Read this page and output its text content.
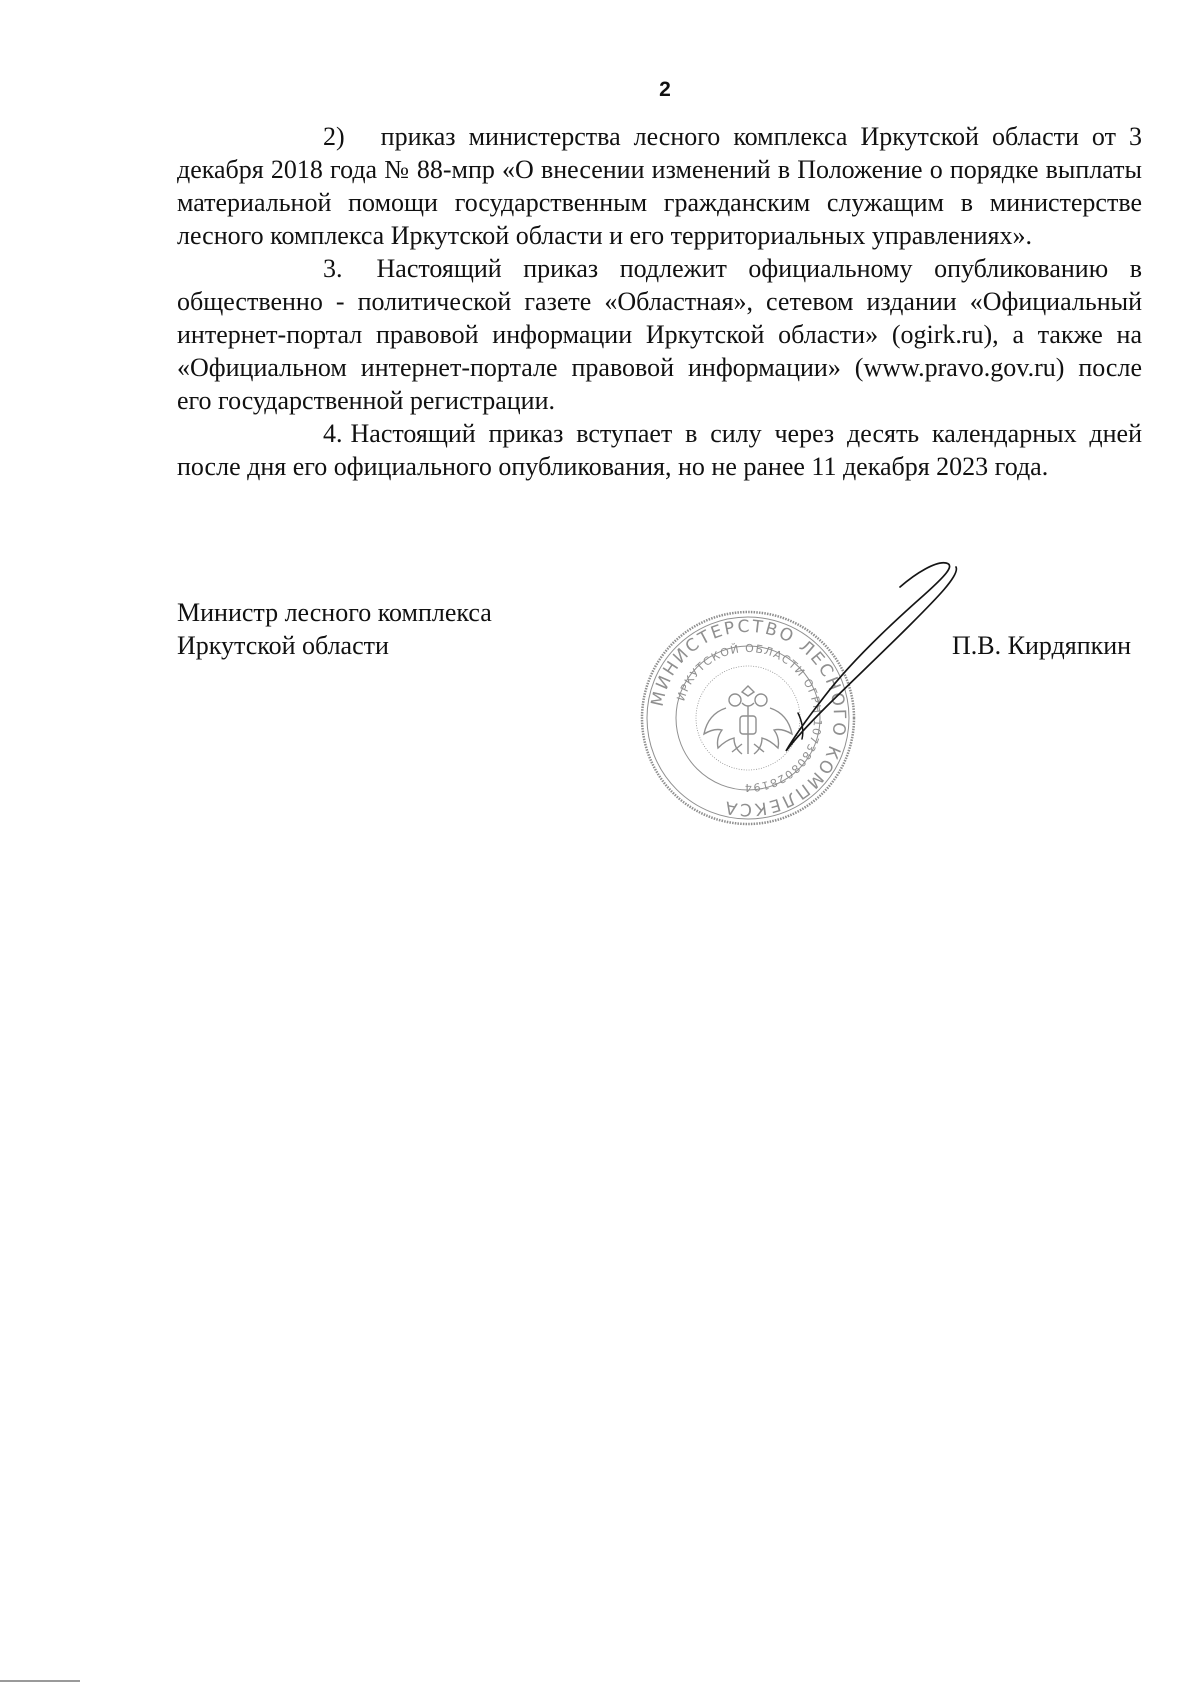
2

2) приказ министерства лесного комплекса Иркутской области от 3 декабря 2018 года № 88-мпр «О внесении изменений в Положение о порядке выплаты материальной помощи государственным гражданским служащим в министерстве лесного комплекса Иркутской области и его территориальных управлениях».

3. Настоящий приказ подлежит официальному опубликованию в общественно - политической газете «Областная», сетевом издании «Официальный интернет-портал правовой информации Иркутской области» (ogirk.ru), а также на «Официальном интернет-портале правовой информации» (www.pravo.gov.ru) после его государственной регистрации.

4. Настоящий приказ вступает в силу через десять календарных дней после дня его официального опубликования, но не ранее 11 декабря 2023 года.

Министр лесного комплекса
Иркутской области
МИНИСТЕРСТВО ЛЕСНОГО КОМПЛЕКСА
ИРКУТСКОЙ ОБЛАСТИ ОГРН 1073808028194
П.В. Кирдяпкин
